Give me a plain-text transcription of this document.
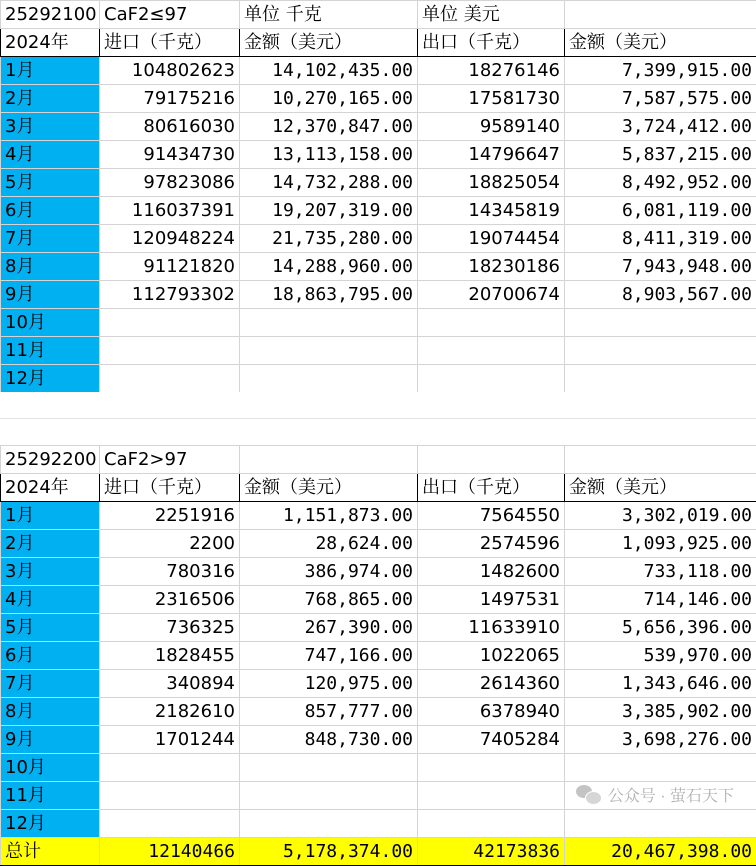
25292100	CaF2≤97	单位 千克	单位 美元	
2024年	进口（千克）	金额（美元）	出口（千克）	金额（美元）
1月	104802623	14,102,435.00	18276146	7,399,915.00
2月	79175216	10,270,165.00	17581730	7,587,575.00
3月	80616030	12,370,847.00	9589140	3,724,412.00
4月	91434730	13,113,158.00	14796647	5,837,215.00
5月	97823086	14,732,288.00	18825054	8,492,952.00
6月	116037391	19,207,319.00	14345819	6,081,119.00
7月	120948224	21,735,280.00	19074454	8,411,319.00
8月	91121820	14,288,960.00	18230186	7,943,948.00
9月	112793302	18,863,795.00	20700674	8,903,567.00
10月				
11月				
12月				

25292200	CaF2>97			
2024年	进口（千克）	金额（美元）	出口（千克）	金额（美元）
1月	2251916	1,151,873.00	7564550	3,302,019.00
2月	2200	28,624.00	2574596	1,093,925.00
3月	780316	386,974.00	1482600	733,118.00
4月	2316506	768,865.00	1497531	714,146.00
5月	736325	267,390.00	11633910	5,656,396.00
6月	1828455	747,166.00	1022065	539,970.00
7月	340894	120,975.00	2614360	1,343,646.00
8月	2182610	857,777.00	6378940	3,385,902.00
9月	1701244	848,730.00	7405284	3,698,276.00
10月				
11月				
12月				
总计	12140466	5,178,374.00	42173836	20,467,398.00
公众号 · 萤石天下
